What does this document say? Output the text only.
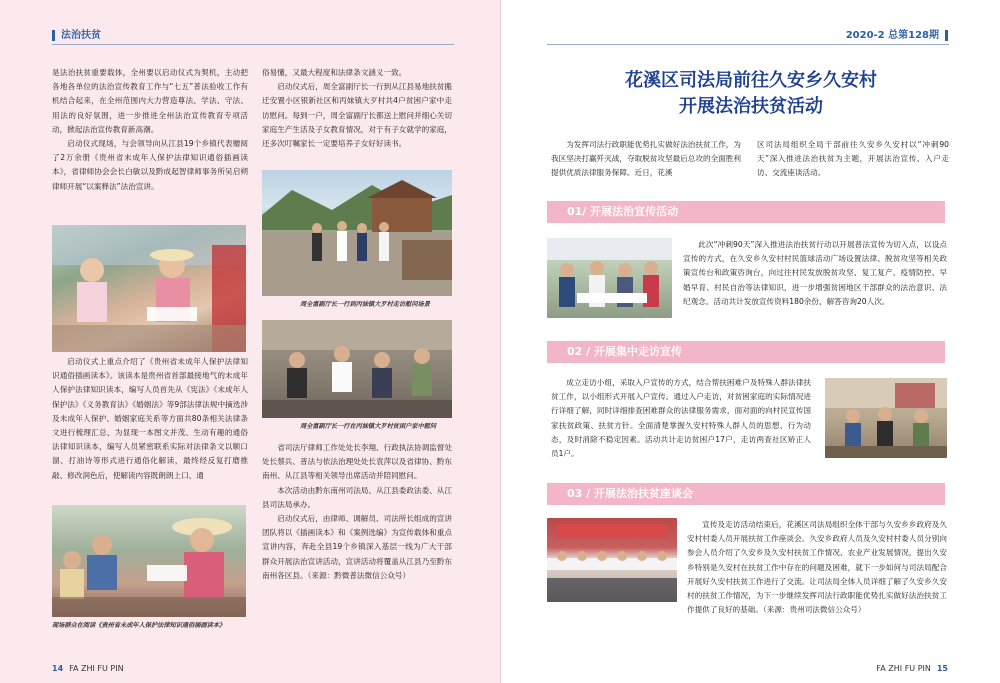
法治扶贫

是法治扶贫重要载体，全州要以启动仪式为契机，主动把各地各单位的法治宣传教育工作与“七五”普法验收工作有机结合起来，在全州范围内大力营造尊法、学法、守法、用法的良好氛围，进一步推进全州法治宣传教育专项活动，掀起法治宣传教育新高潮。

启动仪式现场，与会领导向从江县19个乡镇代表赠阅了2万余册《贵州省未成年人保护法律知识通俗插画读本》，省律师协会会长白敏以及黔成起智律师事务所吴启朔律师开展“以案释法”法治宣讲。

启动仪式上重点介绍了《贵州省未成年人保护法律知识通俗插画读本》。该读本是贵州省首部最接地气的未成年人保护法律知识读本，编写人员首先从《宪法》《未成年人保护法》《义务教育法》《婚姻法》等9部法律法规中摘选涉及未成年人保护、婚姻家庭关系等方面共80条相关法律条文进行梳理汇总，为显现一本图文并茂、生动有趣的通俗法律知识读本，编写人员紧密联系实际对法律条文以顺口溜、打油诗等形式进行通俗化解读，最终经反复打磨推敲、修改润色后，使解读内容既朗朗上口、通

现场群众在阅读《贵州省未成年人保护法律知识通俗插画读本》

俗易懂，又最大程度和法律条文涵义一致。

启动仪式后，周全富副厅长一行到从江县易地扶贫搬迁安置小区银新社区和丙妹镇大歹村共4户贫困户家中走访慰问。每到一户，周全富副厅长都送上慰问并细心关切家庭生产生活及子女教育情况，对于有子女就学的家庭，还多次叮嘱家长一定要培养子女好好读书。

周全富副厅长一行到丙妹镇大歹村走访慰问场景
周全富副厅长一行在丙妹镇大歹村贫困户家中慰问

省司法厅律师工作处处长李翔、行政执法协调监督处处长蔡兵、普法与依法治理处处长袁萍以及省律协、黔东南州、从江县等相关领导出席活动并陪同慰问。

本次活动由黔东南州司法局、从江县委政法委、从江县司法局承办。

启动仪式后，由律师、调解员、司法所长组成的宣讲团队将以《插画读本》和《案例选编》为宣传载体和重点宣讲内容，奔赴全县19个乡镇深入基层一线为广大干部群众开展法治宣讲活动，宣讲活动将覆盖从江县乃至黔东南州各区县。（来源：黔微普法微信公众号）

14 FA ZHI FU PIN
2020-2 总第128期
花溪区司法局前往久安乡久安村
开展法治扶贫活动
为发挥司法行政职能优势扎实做好法治扶贫工作，为我区坚决打赢歼灭战，夺取脱贫攻坚最后总攻的全面胜利提供优质法律服务保障。近日，花溪
区司法局组织全局干部前往久安乡久安村以“冲刺90天”深入推进法治扶贫为主题，开展法治宣传、入户走访、交流座谈活动。
01/ 开展法治宣传活动
此次“冲刺90天”深入推进法治扶贫行动以开展普法宣传为切入点，以设点宣传的方式，在久安乡久安村村民篮球活动广场设置法律、脱贫攻坚等相关政策宣传台和政策咨询台，向过往村民发放脱贫攻坚、复工复产、疫情防控、早婚早育、村民自治等法律知识，进一步增强贫困地区干部群众的法治意识、法纪观念。活动共计发放宣传资料180余份，解答咨询20人次。
02 / 开展集中走访宣传
成立走访小组，采取入户宣传的方式，结合帮扶困难户及特殊人群法律扶贫工作，以小组形式开展入户宣传。通过入户走访，对贫困家庭的实际情况进行详细了解，同时详细排查困难群众的法律服务需求，面对面的向村民宣传国家扶贫政策、扶贫方针。全面清楚掌握久安村特殊人群人员的思想、行为动态，及时消除不稳定因素。活动共计走访贫困户17户，走访两查社区矫正人员1户。
03 / 开展法治扶贫座谈会
宣传及走访活动结束后，花溪区司法局组织全体干部与久安乡乡政府及久安村村委人员开展扶贫工作座谈会。久安乡政府人员及久安村村委人员分别向参会人员介绍了久安乡及久安村扶贫工作情况、农业产业发展情况，提出久安乡特别是久安村在扶贫工作中存在的问题及困难，就下一步如何与司法局配合开展好久安村扶贫工作进行了交流。让司法局全体人员详细了解了久安乡久安村的扶贫工作情况，为下一步继续发挥司法行政职能优势扎实做好法治扶贫工作提供了良好的基础。（来源：贵州司法微信公众号）
FA ZHI FU PIN 15
